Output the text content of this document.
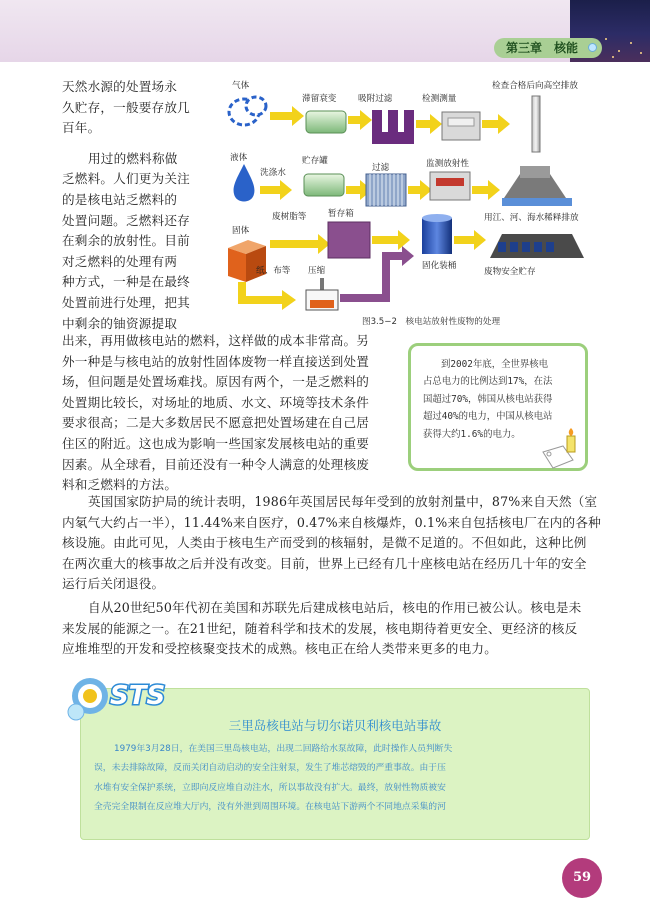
第三章　核能

天然水源的处置场永

久贮存，一般要存放几

百年。

用过的燃料称做

乏燃料。人们更为关注

的是核电站乏燃料的

处置问题。乏燃料还存

在剩余的放射性。目前

对乏燃料的处理有两

种方式，一种是在最终

处置前进行处理，把其

中剩余的铀资源提取

气体
滞留衰变	吸附过滤	检测测量
检查合格后向高空排放
液体
洗涤水
贮存罐
过滤	监测放射性
用江、河、海水稀释排放
固体
废树脂等	暂存箱
固化装桶
废物安全贮存
纸、布等 压缩
图3.5−2　核电站放射性废物的处理

出来，再用做核电站的燃料，这样做的成本非常高。另

外一种是与核电站的放射性固体废物一样直接送到处置

场，但问题是处置场难找。原因有两个，一是乏燃料的

处置期比较长，对场址的地质、水文、环境等技术条件

要求很高；二是大多数居民不愿意把处置场建在自己居

住区的附近。这也成为影响一些国家发展核电站的重要

因素。从全球看，目前还没有一种令人满意的处理核废

料和乏燃料的方法。

到2002年底，全世界核电

占总电力的比例达到17%，在法

国超过70%，韩国从核电站获得

超过40%的电力，中国从核电站

获得大约1.6%的电力。

英国国家防护局的统计表明，1986年英国居民每年受到的放射剂量中，87%来自天然（室

内氡气大约占一半），11.44%来自医疗，0.47%来自核爆炸，0.1%来自包括核电厂在内的各种

核设施。由此可见，人类由于核电生产而受到的核辐射，是微不足道的。不但如此，这种比例

在两次重大的核事故之后并没有改变。目前，世界上已经有几十座核电站在经历几十年的安全

运行后关闭退役。

自从20世纪50年代初在美国和苏联先后建成核电站后，核电的作用已被公认。核电是未

来发展的能源之一。在21世纪，随着科学和技术的发展，核电期待着更安全、更经济的核反

应堆堆型的开发和受控核聚变技术的成熟。核电正在给人类带来更多的电力。

STS
三里岛核电站与切尔诺贝利核电站事故

1979年3月28日，在美国三里岛核电站，出现二回路给水泵故障，此时操作人员判断失

误，未去排除故障，反而关闭自动启动的安全注射泵，发生了堆芯熔毁的严重事故。由于压

水堆有安全保护系统，立即向反应堆自动注水，所以事故没有扩大。最终，放射性物质被安

全壳完全限制在反应堆大厅内，没有外泄到周围环境。在核电站下游两个不同地点采集的河

59
